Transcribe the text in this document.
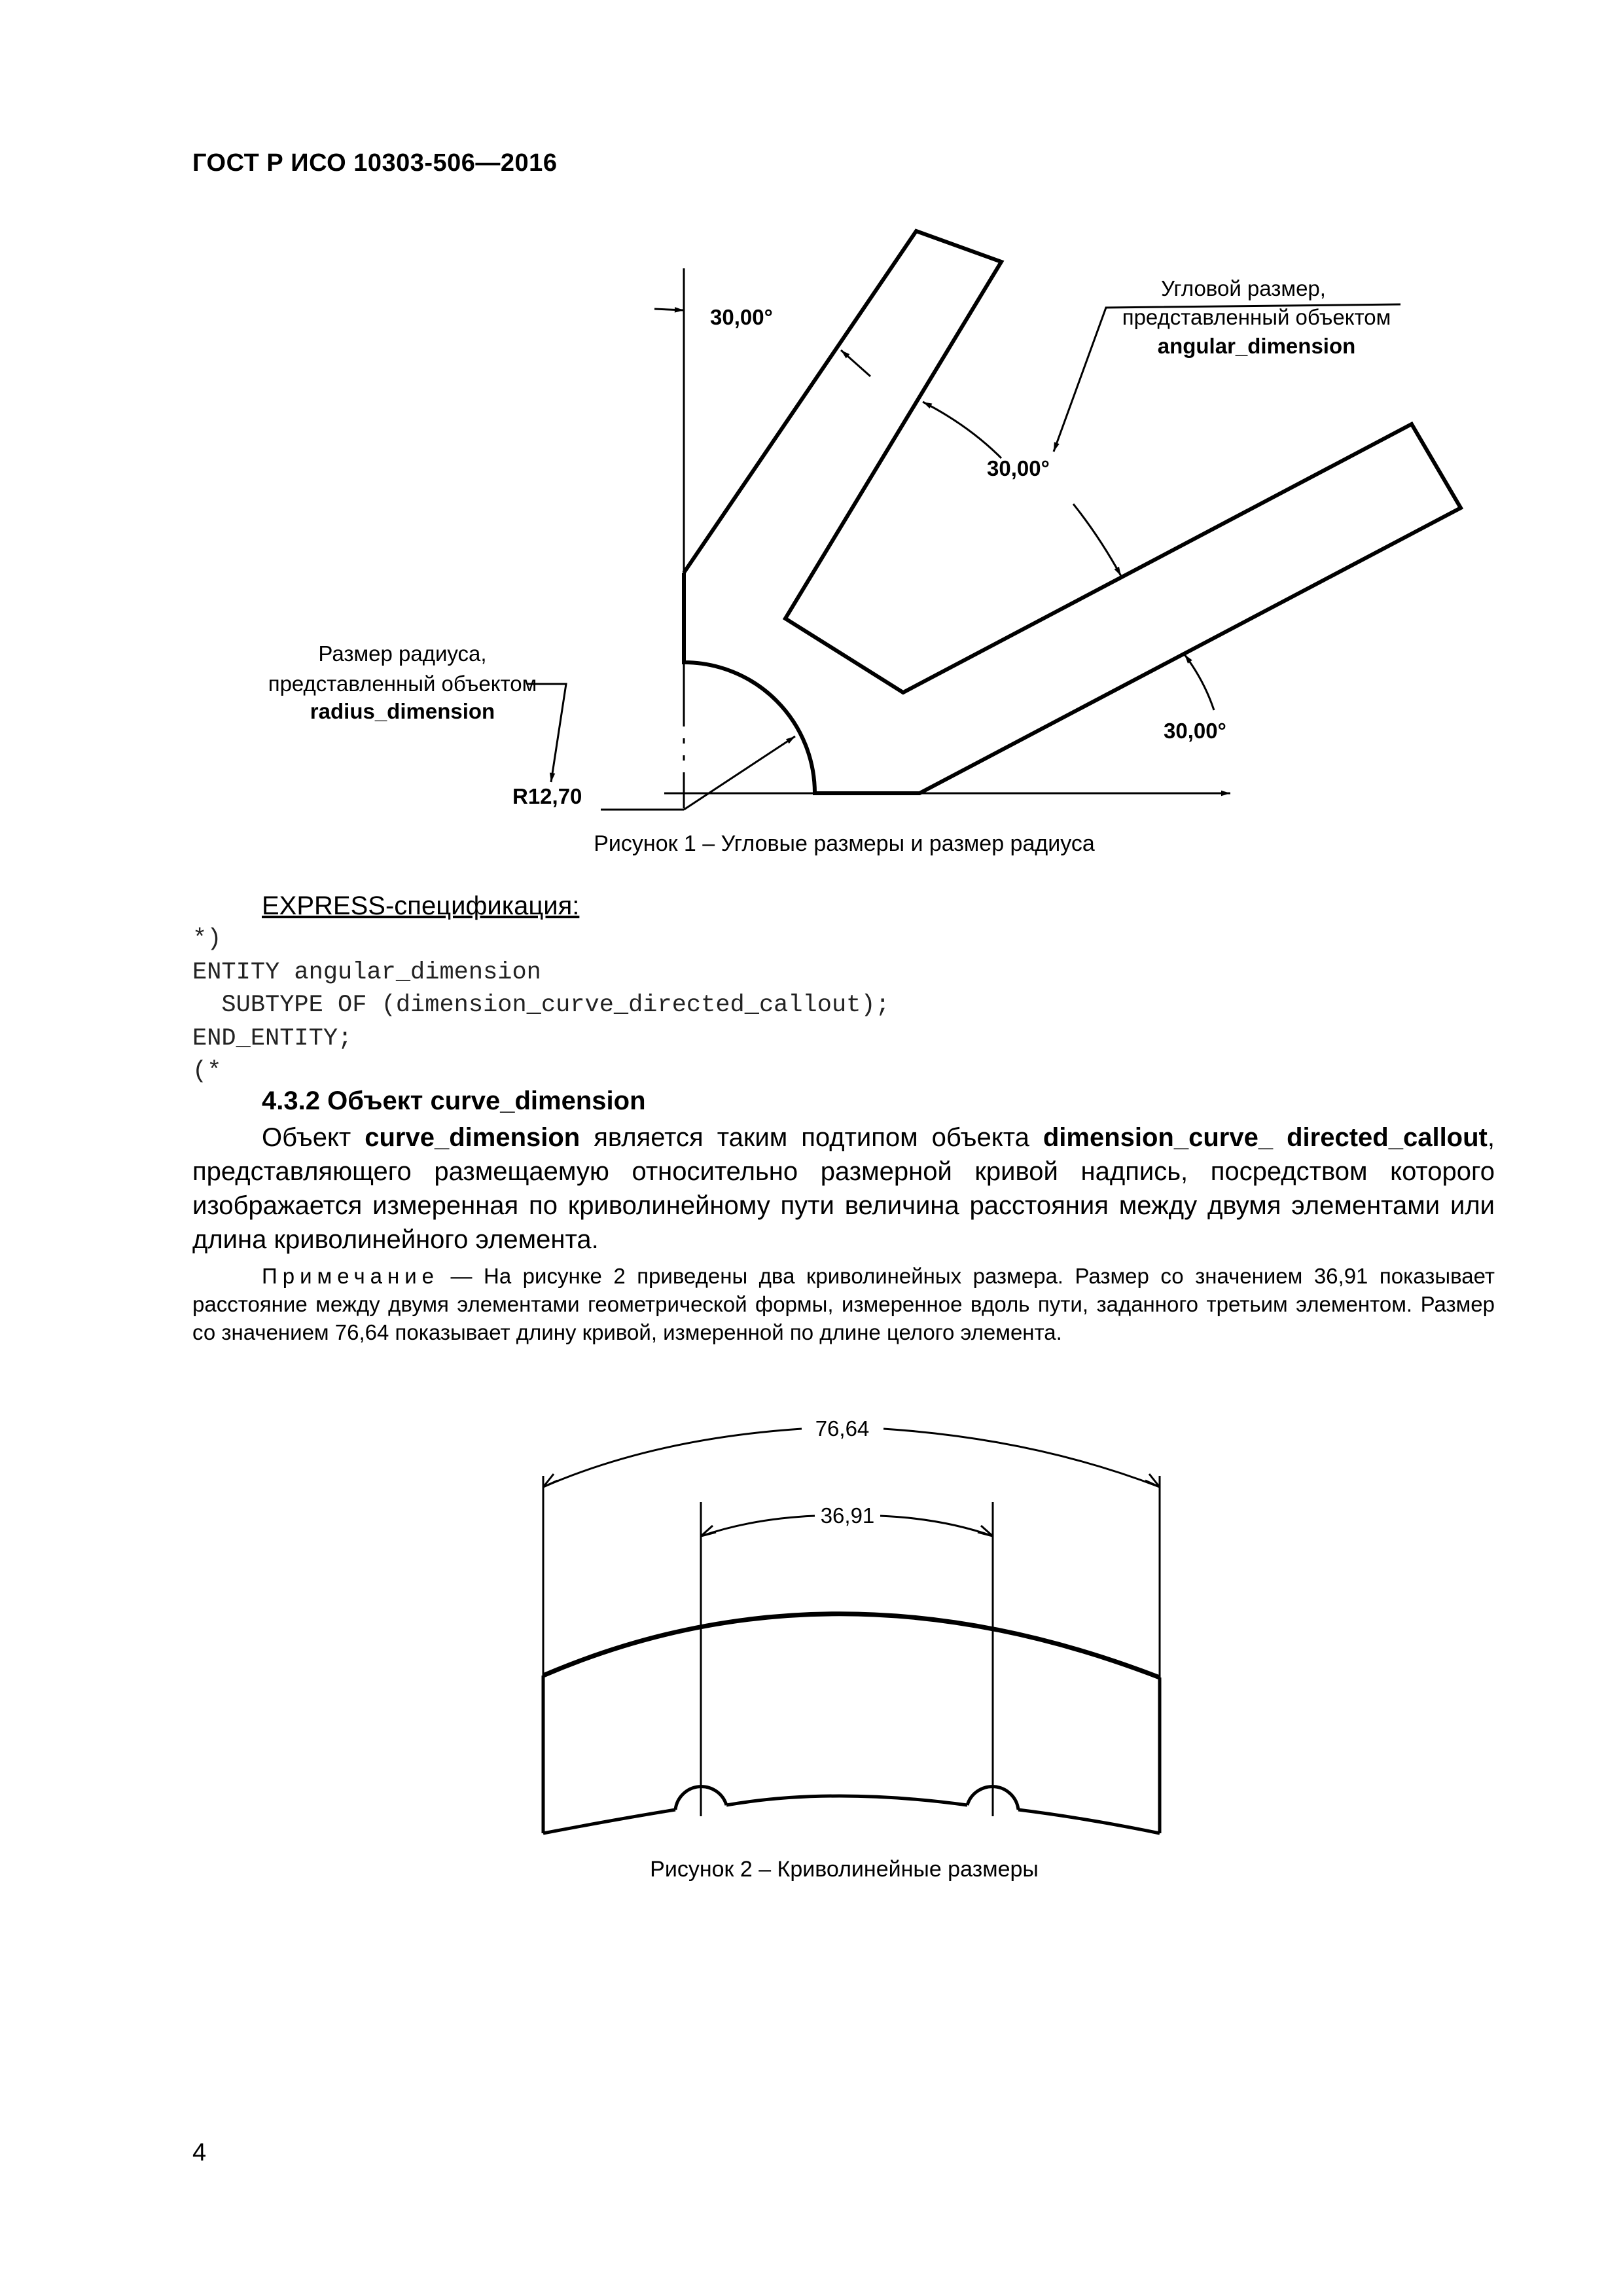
ГОСТ Р ИСО 10303-506—2016
30,00°
30,00°
30,00°
R12,70
Угловой размер,
представленный объектом
angular_dimension
Размер радиуса,
представленный объектом
radius_dimension
Рисунок 1 – Угловые размеры и размер радиуса
EXPRESS-спецификация:
*)
ENTITY angular_dimension
SUBTYPE OF (dimension_curve_directed_callout);
END_ENTITY;
(*
4.3.2 Объект curve_dimension
Объект curve_dimension является таким подтипом объекта dimension_curve_ directed_callout, представляющего размещаемую относительно размерной кривой надпись, посредством которого изображается измеренная по криволинейному пути величина расстояния между двумя элементами или длина криволинейного элемента.
Примечание — На рисунке 2 приведены два криволинейных размера. Размер со значением 36,91 показывает расстояние между двумя элементами геометрической формы, измеренное вдоль пути, заданного третьим элементом. Размер со значением 76,64 показывает длину кривой, измеренной по длине целого элемента.
76,64
36,91
Рисунок 2 – Криволинейные размеры
4
